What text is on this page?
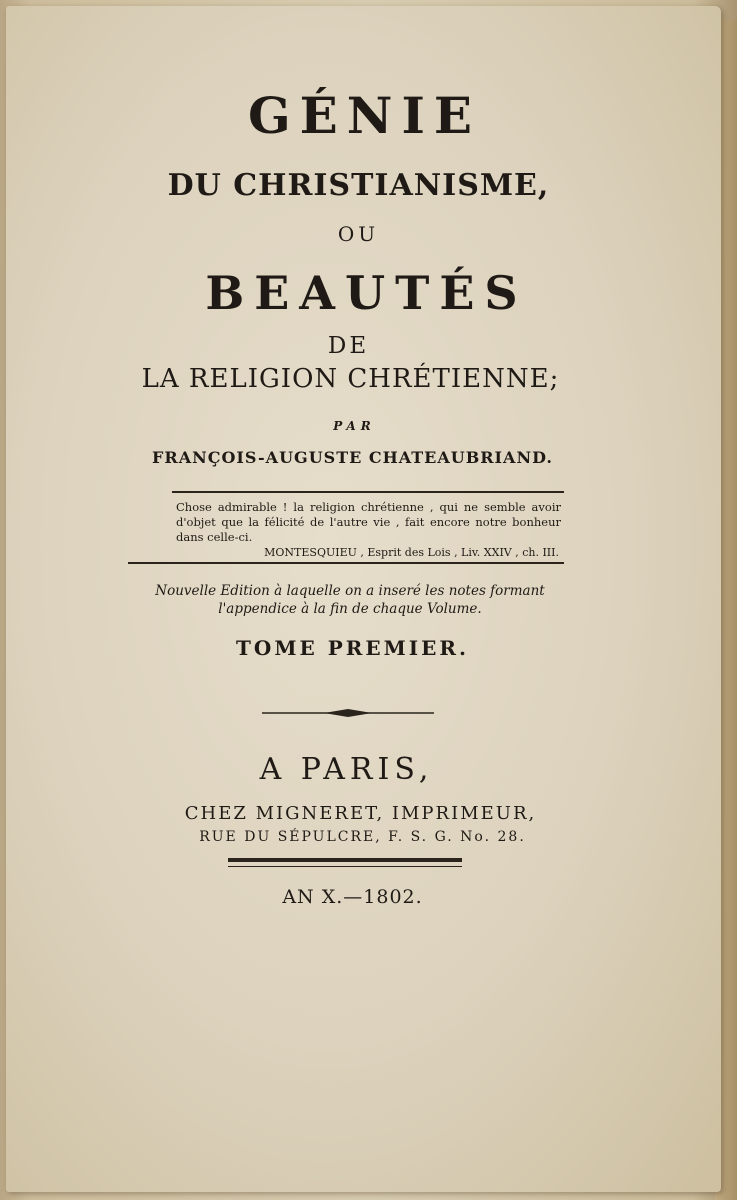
GÉNIE
DU CHRISTIANISME,
OU
BEAUTÉS
DE
LA RELIGION CHRÉTIENNE;
PAR
FRANÇOIS-AUGUSTE CHATEAUBRIAND.
Chose admirable ! la religion chrétienne , qui ne semble avoir d'objet que la félicité de l'autre vie , fait encore notre bonheur dans celle-ci.
MONTESQUIEU , Esprit des Lois , Liv. XXIV , ch. III.
Nouvelle Edition à laquelle on a inseré les notes formant l'appendice à la fin de chaque Volume.
TOME PREMIER.
A PARIS,
CHEZ MIGNERET, IMPRIMEUR,
RUE DU SÉPULCRE, F. S. G. No. 28.
AN X.—1802.
